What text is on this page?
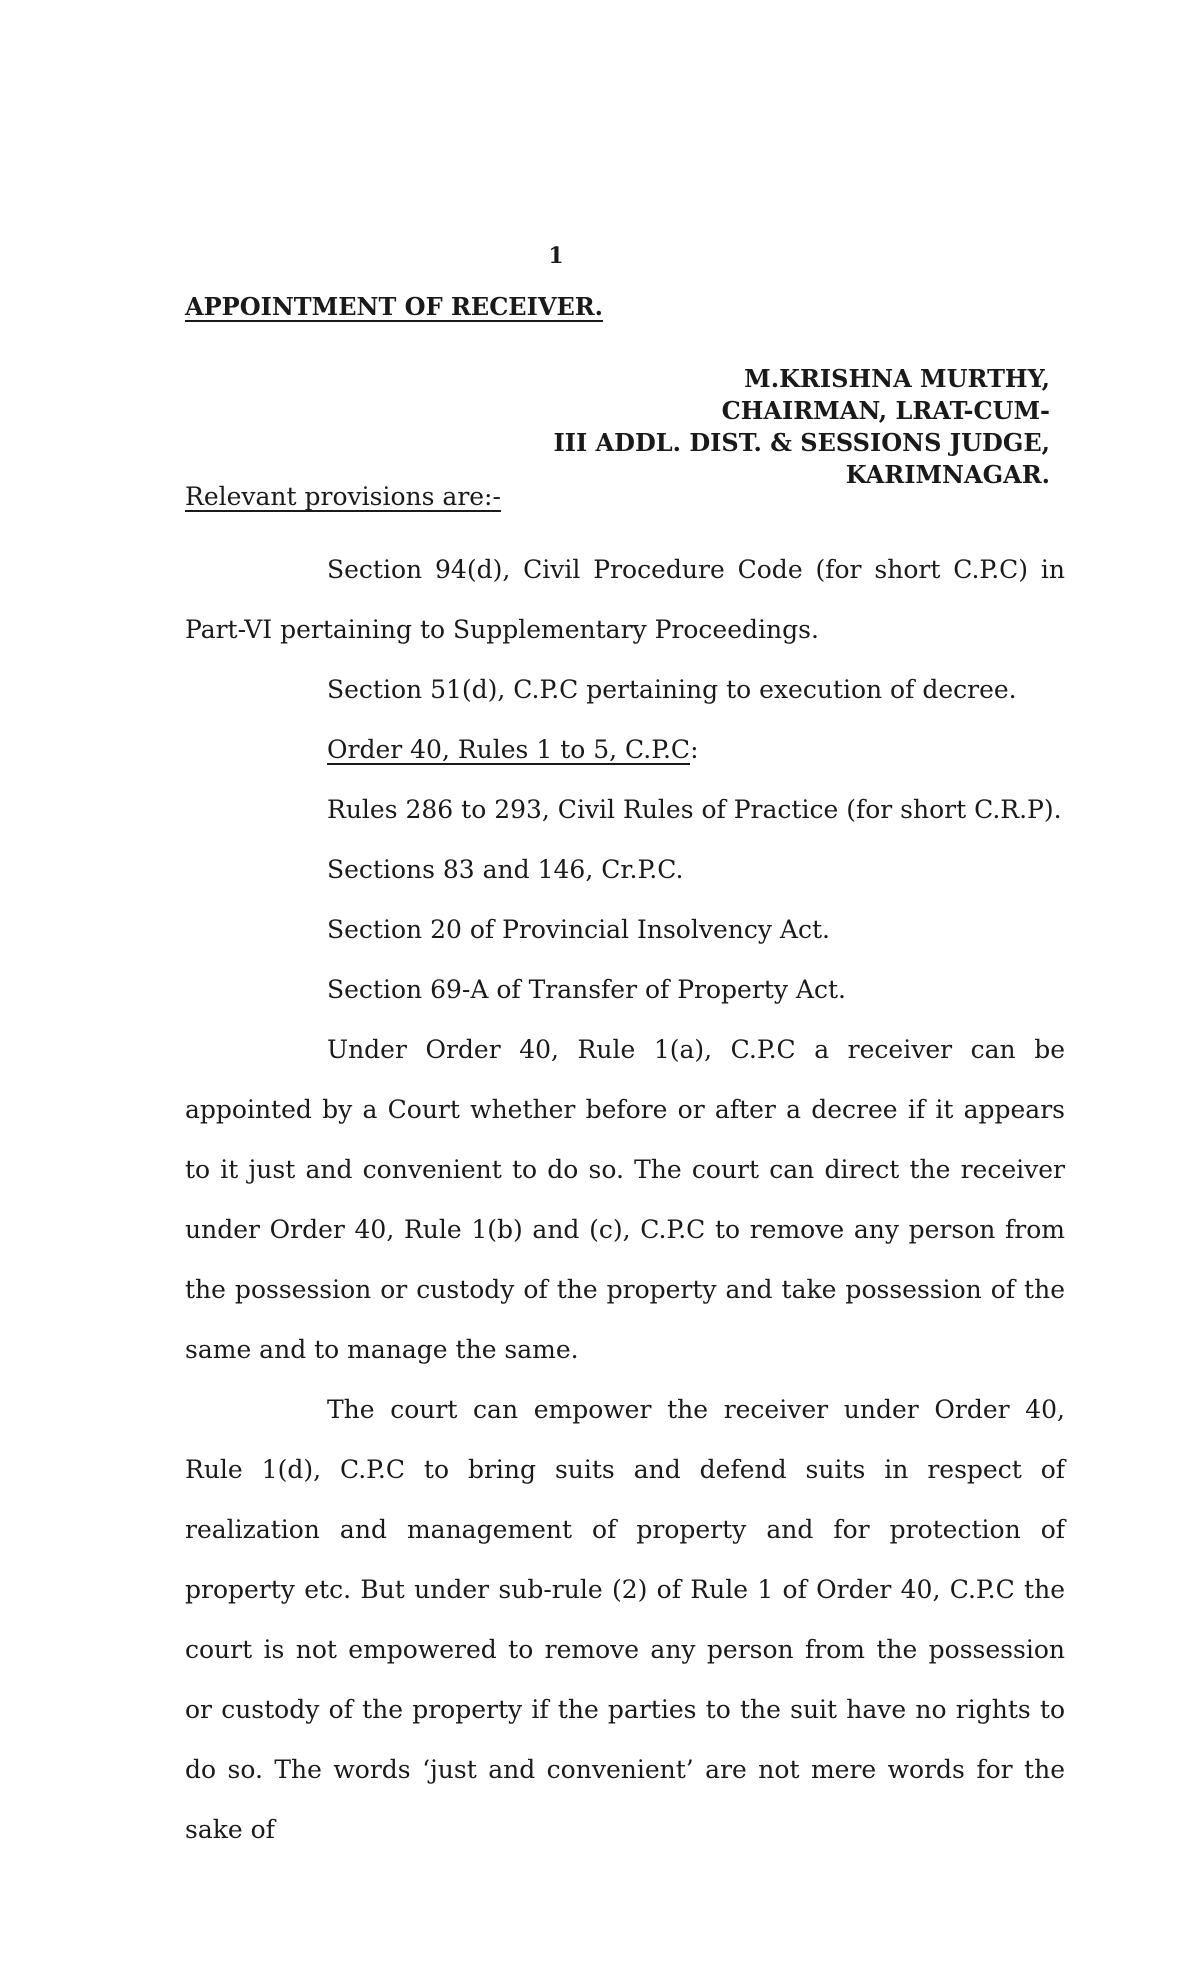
1
APPOINTMENT OF RECEIVER.
M.KRISHNA MURTHY,
CHAIRMAN, LRAT-CUM-
III ADDL. DIST. & SESSIONS JUDGE,
KARIMNAGAR.
Relevant provisions are:-

Section 94(d), Civil Procedure Code (for short C.P.C) in Part-VI pertaining to Supplementary Proceedings.

Section 51(d), C.P.C pertaining to execution of decree.

Order 40, Rules 1 to 5, C.P.C:

Rules 286 to 293, Civil Rules of Practice (for short C.R.P).

Sections 83 and 146, Cr.P.C.

Section 20 of Provincial Insolvency Act.

Section 69-A of Transfer of Property Act.

Under Order 40, Rule 1(a), C.P.C a receiver can be appointed by a Court whether before or after a decree if it appears to it just and convenient to do so. The court can direct the receiver under Order 40, Rule 1(b) and (c), C.P.C to remove any person from the possession or custody of the property and take possession of the same and to manage the same.

The court can empower the receiver under Order 40, Rule 1(d), C.P.C to bring suits and defend suits in respect of realization and management of property and for protection of property etc. But under sub-rule (2) of Rule 1 of Order 40, C.P.C the court is not empowered to remove any person from the possession or custody of the property if the parties to the suit have no rights to do so. The words ‘just and convenient’ are not mere words for the sake of
